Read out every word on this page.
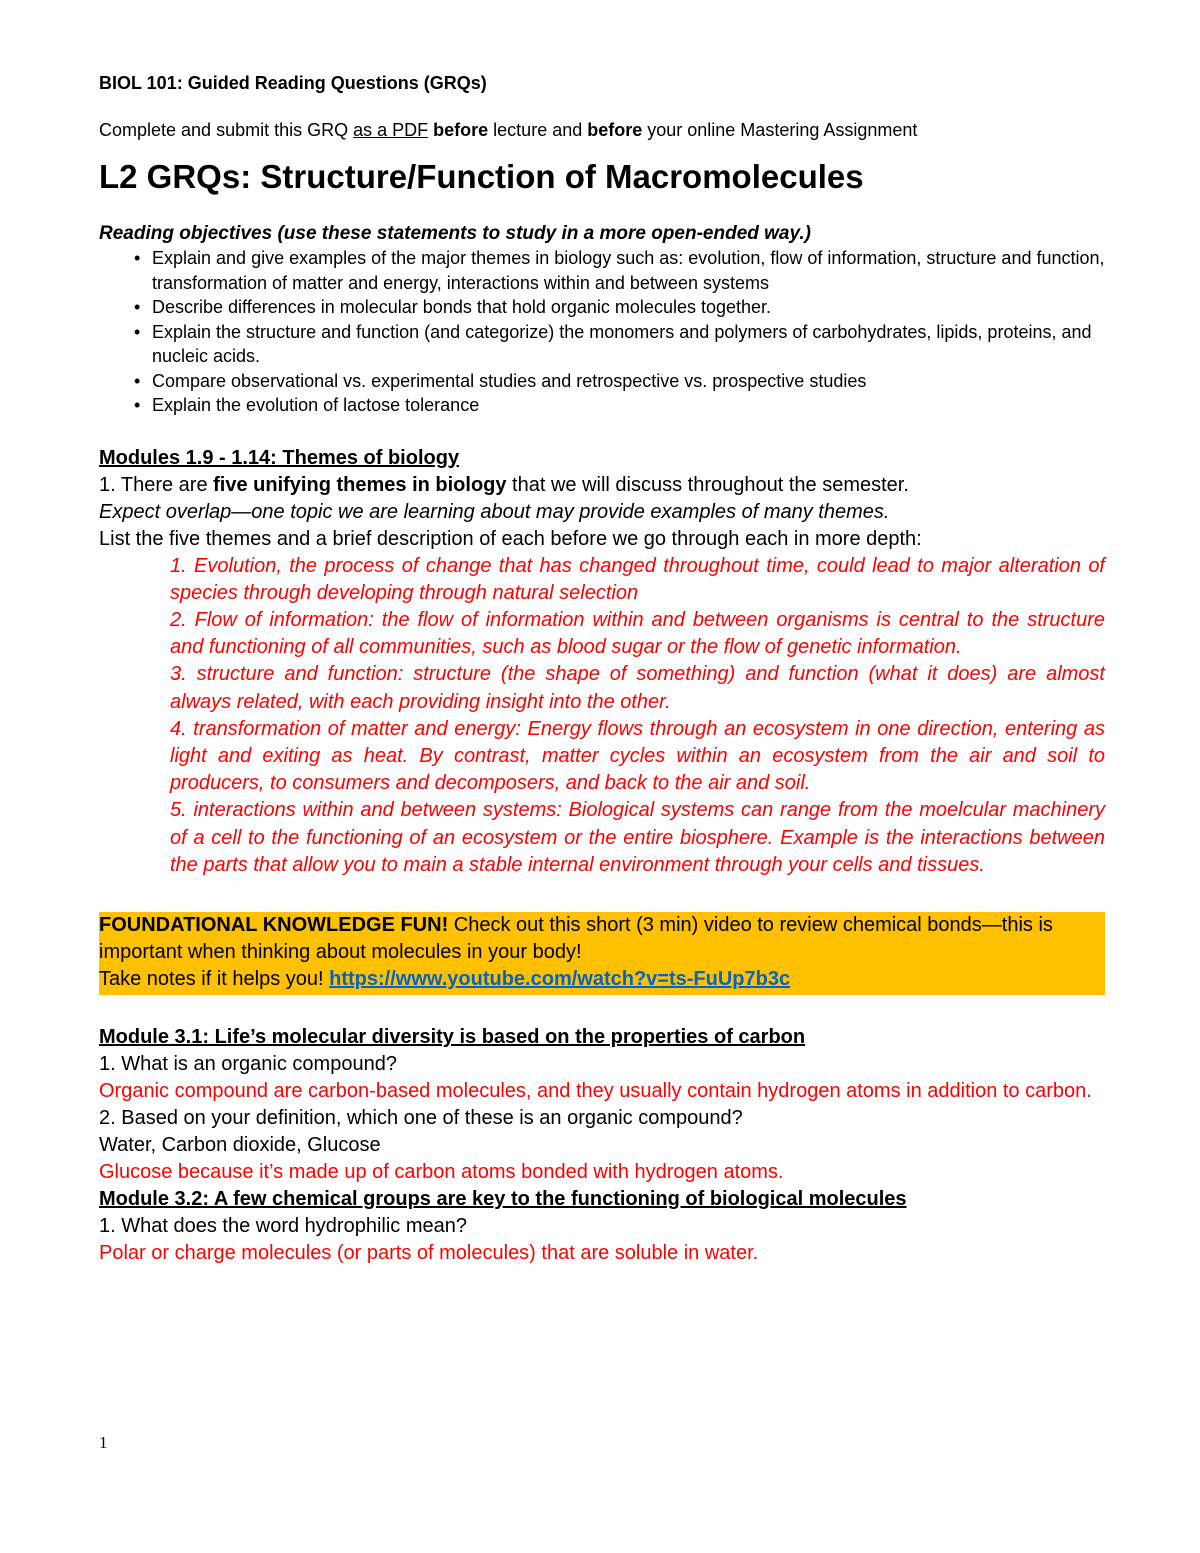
BIOL 101: Guided Reading Questions (GRQs)

Complete and submit this GRQ as a PDF before lecture and before your online Mastering Assignment

L2 GRQs: Structure/Function of Macromolecules

Reading objectives (use these statements to study in a more open-ended way.)

• Explain and give examples of the major themes in biology such as: evolution, flow of information, structure and function, transformation of matter and energy, interactions within and between systems
• Describe differences in molecular bonds that hold organic molecules together.
• Explain the structure and function (and categorize) the monomers and polymers of carbohydrates, lipids, proteins, and nucleic acids.
• Compare observational vs. experimental studies and retrospective vs. prospective studies
• Explain the evolution of lactose tolerance

Modules 1.9 - 1.14: Themes of biology

1. There are five unifying themes in biology that we will discuss throughout the semester.

Expect overlap—one topic we are learning about may provide examples of many themes.

List the five themes and a brief description of each before we go through each in more depth:

1. Evolution, the process of change that has changed throughout time, could lead to major alteration of species through developing through natural selection

2. Flow of information: the flow of information within and between organisms is central to the structure and functioning of all communities, such as blood sugar or the flow of genetic information.

3. structure and function: structure (the shape of something) and function (what it does) are almost always related, with each providing insight into the other.

4. transformation of matter and energy: Energy flows through an ecosystem in one direction, entering as light and exiting as heat. By contrast, matter cycles within an ecosystem from the air and soil to producers, to consumers and decomposers, and back to the air and soil.

5. interactions within and between systems: Biological systems can range from the moelcular machinery of a cell to the functioning of an ecosystem or the entire biosphere. Example is the interactions between the parts that allow you to main a stable internal environment through your cells and tissues.

FOUNDATIONAL KNOWLEDGE FUN! Check out this short (3 min) video to review chemical bonds—this is important when thinking about molecules in your body!

Take notes if it helps you! https://www.youtube.com/watch?v=ts-FuUp7b3c

Module 3.1: Life’s molecular diversity is based on the properties of carbon

1. What is an organic compound?

Organic compound are carbon-based molecules, and they usually contain hydrogen atoms in addition to carbon.

2. Based on your definition, which one of these is an organic compound?

Water, Carbon dioxide, Glucose

Glucose because it’s made up of carbon atoms bonded with hydrogen atoms.

Module 3.2: A few chemical groups are key to the functioning of biological molecules

1. What does the word hydrophilic mean?

Polar or charge molecules (or parts of molecules) that are soluble in water.

1
